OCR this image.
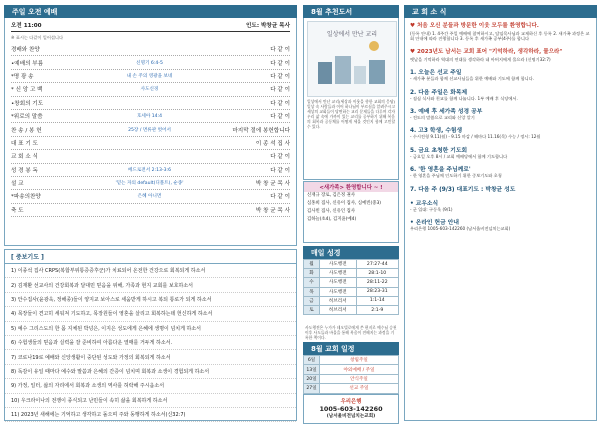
주일 오전 예배
오전 11:00	인도: 박창균 목사
※ 표시는 다같이 일어섭니다
경배와 찬양	다 같 이
•예배의 부름	신명기 6:4-5	다 같 이
*명 광 송	내 손 주의 영광을 보네	다 같 이
* 신 앙 고 백	사도신경	다 같 이
•창회의 기도	다 같 이
*위로의 말씀	호세아 14:4	다 같 이
찬 송 / 봉 헌	25장 / 면류관 벗어서	마지막 절에 봉헌합니다
대 표 기 도	이 종 석 집 사
교 회 소 식	다 같 이
성 경 봉 독	베드로전서 2:13-3:6	다 같 이
설 교	'믿는 자의 default(디폴트), 순종'	박 창 균 목 사
*파송의찬양	은혜 아니면	다 같 이
축 도	박 창 균 목 사
[ 중보기도 ]
1) 이종석 집사 CRPS(복합부위통증증후군)가 치료되어 온전한 건강으로 회복되게 하소서
2) 김재환 선교사의 건강회복과 달대민 믿음을 위해, 가족과 현지 교회를 보호하소서
3) 안수집사(윤광욱, 정해종)들이 양지교 보아스로 세움받게 하시고 복되 통로가 되게 하소서
4) 목장들이 견고히 세워져 기도하고, 목장원들이 영혼을 살리고 회복하는데 헌신하게 하소서
5) 예수 그리스도의 한 몸 지체된 박넝은, 이지은 성도에게 은혜에 생명이 넘치게 하소서
6) 수험생들의 믿음과 실력을 잘 준비하여 아름다운 열매를 거두게 하소서.
7) 코로나19로 예배와 신앙생활이 중단된 성도와 가정의 회복되게 하소서
8) 독감이 유일 때마다 예수와 말씀과 은혜의 간증이 넘치며 회복과 소생이 경험되게 하소서
9) 가정, 일터, 삶의 자리에서 회복과 소생의 역사를 허락해 주시옵소서
10) 우크라이나의 전쟁이 종식되고 난민들이 속히 삶을 회복하게 하소서
11) 2023년 새해에는 기억하고 생각하고 돌으며 주와 동행하게 하소서(신32:7)
8월 추천도서
일상에서 만난 교리
일상에서 만난 교리(세상과 이웃을 향한 교회의 응답) 일상 속 사람들과 이어 하나님이 부르심을 알려주시고 세상의 교회들이 당면하는 교리 문제들을 다루며 각자 우리 삶 속에 가까이 있는 교리를 공부하기 위해 복음의 회복과 공동체를 어떻게 세울 것인지 함께 고민할 수 있다.
<새가족> 환영합니다 ~ !
신재규 장로, 김은정 권사
심홍희 집사, 신유이 집사, 심예빈(중3)
김사빈 집사, 신유인 집사
김하늘(초4), 김지윤(예4)
매일 성경
월	사도행전	27:27-44
화	사도행전	28:1-10
수	사도행전	28:11-22
목	사도행전	28:23-31
금	히브리서	1:1-14
토	히브리서	2:1-9
사도행전은 누가가 데오빌로에게 쓴 편지로 예수님 승천 이후 사도들과 바울을 통해 복음이 전해지는 과정을 기록한 책이다.
8월 교회 일정
6일	창립주일
13일	야외예배 / 주일
20일	안식주일
27일	선교 주일
우리은행
1005-603-142260
(남서울비전넘치는교회)
교 회 소 식
♥ 처음 오신 분들과 방문한 이웃 모두를 환영합니다.
(등록 안내) 1. 4주간 주일 예배에 참여하시고, 담임목사님과 교제하신 후 등록 2. 새가족 과정은 교회 안내에 따라 진행합니다 3. 등록 후 새가족 공부(4주)를 합니다
♥ 2023년도 남서는 교회 표어 "기억하라, 생각하라, 물으라"
옛날을 기억하라 역대의 연대를 생각하라 네 아버지에게 물으라 (신명기32:7)
1. 오늘은 선교 주일
- 새가족 분들과 함께 선교사님들을 위한 예배와 기도에 함께 합니다.
2. 다음 주일은 화목제
- 점심 식사와 친교를 함께 나눕니다. 1부 예배 후 식당에서.
3. 예배 후 세가족 성경 공부
- 전도의 말씀으로 교리와 신앙 알기
4. 고3 학생, 수험생
- 수시전형 9.11(월) - 9.15 마감 / 해마다 11.16(목) 수능 / 정시: 12월
5. 금요 초청한 기도회
- 금요일 오후 8시 / 교회 예배당에서 함께 기도합니다
6. '한 영혼을 주님께로'
- 한 영혼을 주님께 인도하기 위한 중보기도와 초청
7. 다음 주 (9/3) 대표기도 : 박창균 성도
• 교우소식
- 군 입대: 구동욱 (9/1)
• 온라인 헌금 안내
우리은행 1005-603-142260 (남서울비전넘치는교회)
